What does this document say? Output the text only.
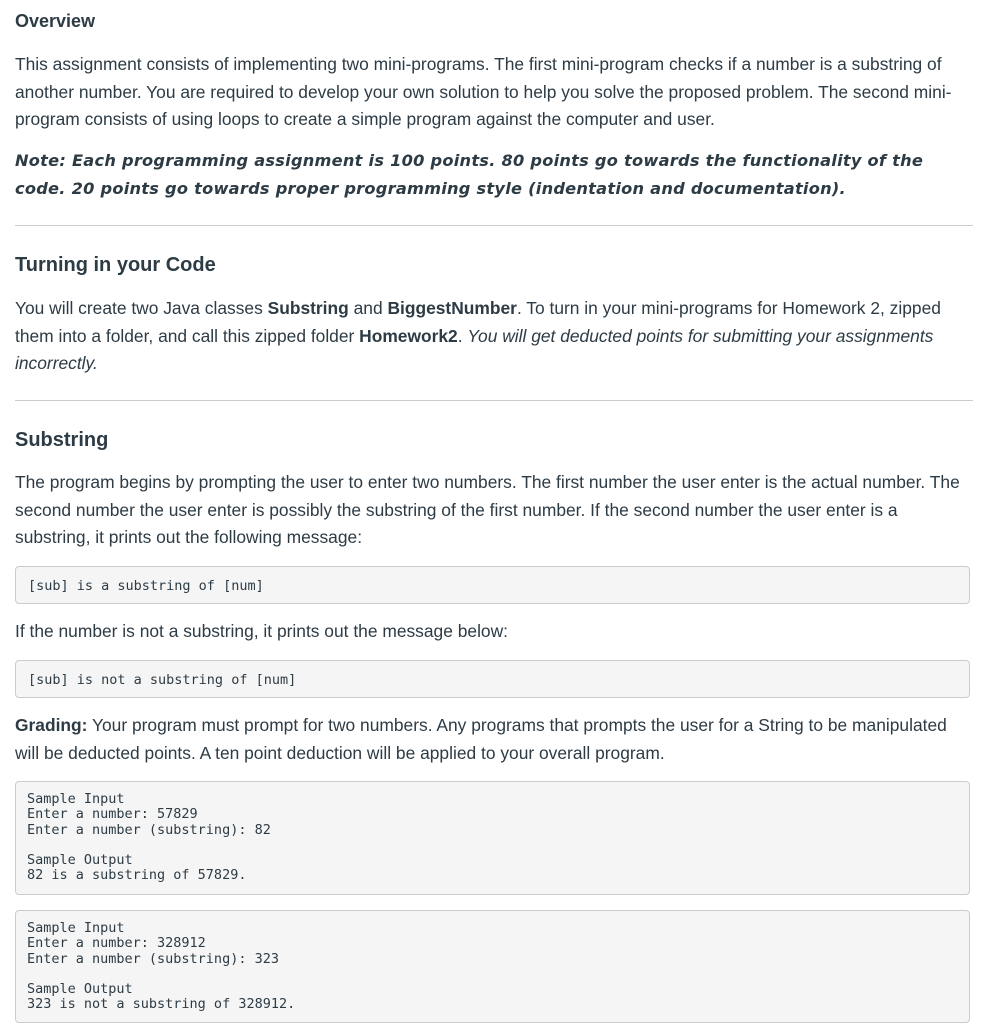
Overview

This assignment consists of implementing two mini-programs. The first mini-program checks if a number is a substring of another number. You are required to develop your own solution to help you solve the proposed problem. The second mini-program consists of using loops to create a simple program against the computer and user.

Note: Each programming assignment is 100 points. 80 points go towards the functionality of the code. 20 points go towards proper programming style (indentation and documentation).

Turning in your Code

You will create two Java classes Substring and BiggestNumber. To turn in your mini-programs for Homework 2, zipped them into a folder, and call this zipped folder Homework2. You will get deducted points for submitting your assignments incorrectly.

Substring

The program begins by prompting the user to enter two numbers. The first number the user enter is the actual number. The second number the user enter is possibly the substring of the first number. If the second number the user enter is a substring, it prints out the following message:

[sub] is a substring of [num]

If the number is not a substring, it prints out the message below:

[sub] is not a substring of [num]

Grading: Your program must prompt for two numbers. Any programs that prompts the user for a String to be manipulated will be deducted points. A ten point deduction will be applied to your overall program.

Sample Input
Enter a number: 57829
Enter a number (substring): 82
Sample Output
82 is a substring of 57829.
Sample Input
Enter a number: 328912
Enter a number (substring): 323
Sample Output
323 is not a substring of 328912.
